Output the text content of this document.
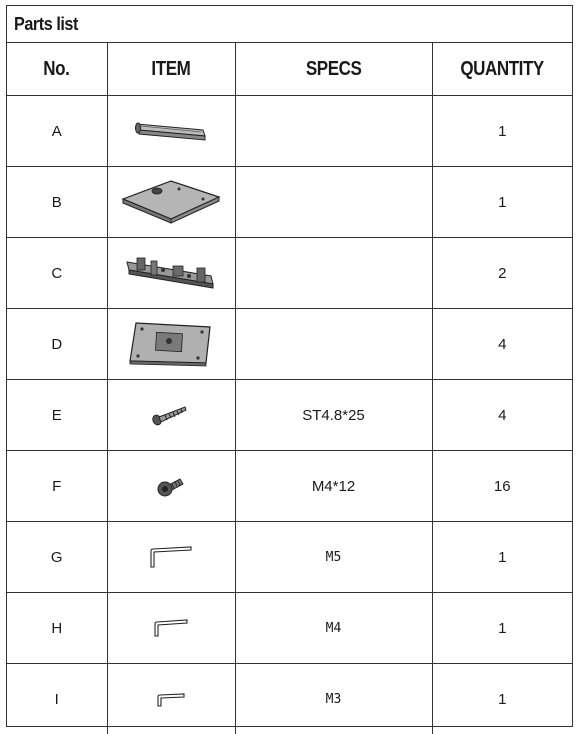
Parts list
No.	ITEM	SPECS	QUANTITY
A			1
B			1
C			2
D			4
E		ST4.8*25	4
F		M4*12	16
G		M5	1
H		M4	1
I		M3	1
